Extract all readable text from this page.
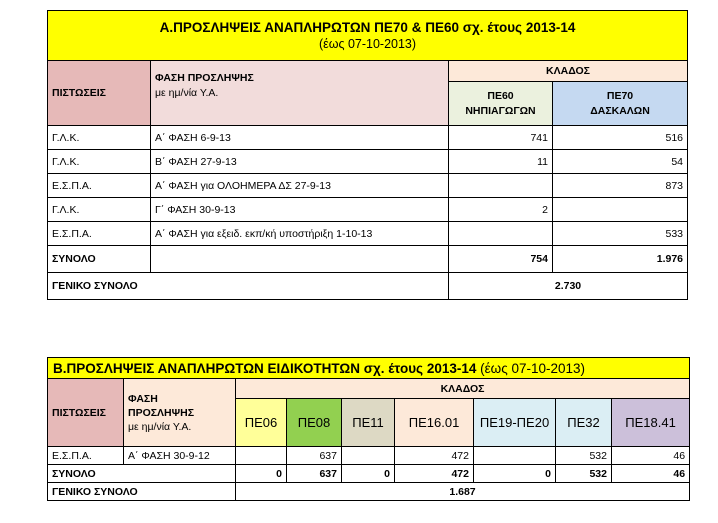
Α.ΠΡΟΣΛΗΨΕΙΣ ΑΝΑΠΛΗΡΩΤΩΝ ΠΕ70 & ΠΕ60 σχ. έτους 2013-14
(έως 07-10-2013)			

ΠΙΣΤΩΣΕΙΣ	ΦΑΣΗ ΠΡΟΣΛΗΨΗΣ
με ημ/νία Υ.Α.	ΚΛΑΔΟΣ	
		ΠΕ60
ΝΗΠΙΑΓΩΓΩΝ	ΠΕ70
ΔΑΣΚΑΛΩΝ
Γ.Λ.Κ.	Α΄ ΦΑΣΗ 6-9-13	741	516
Γ.Λ.Κ.	Β΄ ΦΑΣΗ 27-9-13	11	54
Ε.Σ.Π.Α.	Α΄ ΦΑΣΗ για ΟΛΟΗΜΕΡΑ ΔΣ 27-9-13		873
Γ.Λ.Κ.	Γ΄ ΦΑΣΗ 30-9-13	2	
Ε.Σ.Π.Α.	Α΄ ΦΑΣΗ για εξειδ. εκπ/κή υποστήριξη 1-10-13		533
ΣΥΝΟΛΟ		754	1.976
ΓΕΝΙΚΟ ΣΥΝΟΛΟ		2.730	
Β.ΠΡΟΣΛΗΨΕΙΣ ΑΝΑΠΛΗΡΩΤΩΝ ΕΙΔΙΚΟΤΗΤΩΝ σχ. έτους 2013-14 (έως 07-10-2013)								
ΠΙΣΤΩΣΕΙΣ	ΦΑΣΗ
ΠΡΟΣΛΗΨΗΣ
με ημ/νία Υ.Α.	ΚΛΑΔΟΣ						
		ΠΕ06	ΠΕ08	ΠΕ11	ΠΕ16.01	ΠΕ19-ΠΕ20	ΠΕ32	ΠΕ18.41
Ε.Σ.Π.Α.	Α΄ ΦΑΣΗ 30-9-12		637		472		532	46
ΣΥΝΟΛΟ		0	637	0	472	0	532	46
ΓΕΝΙΚΟ ΣΥΝΟΛΟ		1.687						
